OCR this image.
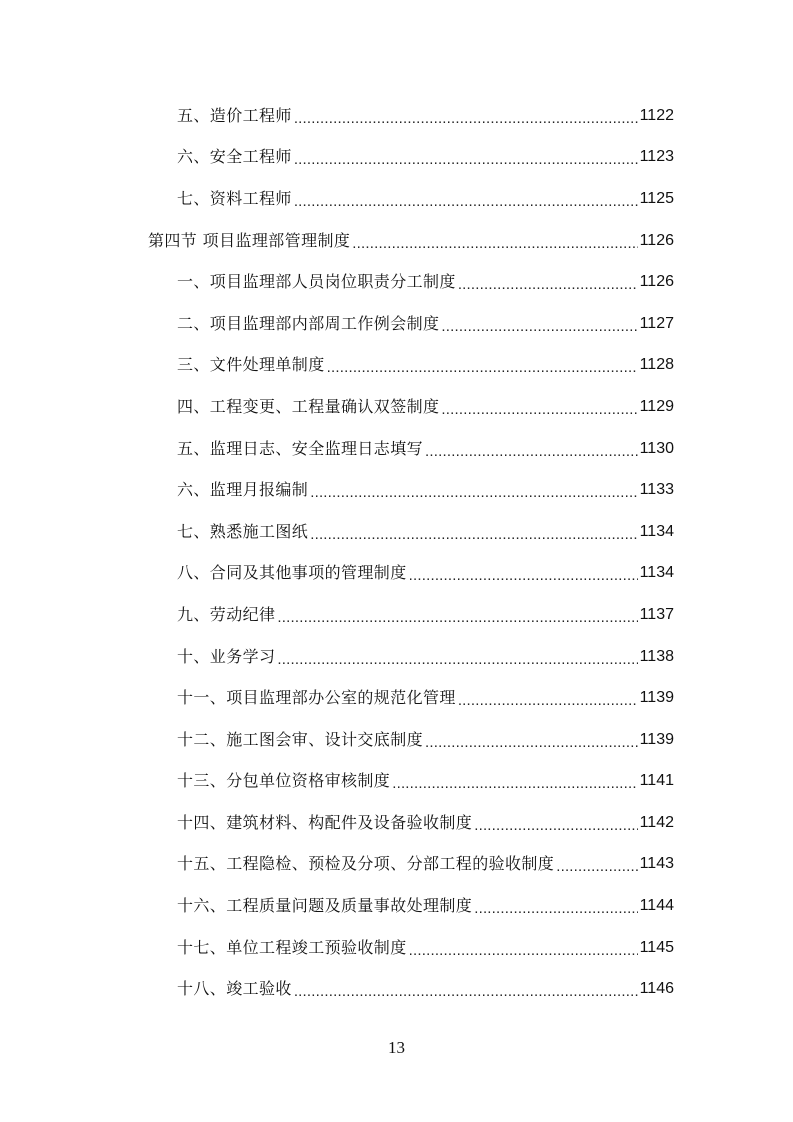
五、造价工程师 .....	1122
六、安全工程师 .....	1123
七、资料工程师 .....	1125
第四节 项目监理部管理制度 .....	1126
一、项目监理部人员岗位职责分工制度 .....	1126
二、项目监理部内部周工作例会制度 .....	1127
三、文件处理单制度 .....	1128
四、工程变更、工程量确认双签制度 .....	1129
五、监理日志、安全监理日志填写 .....	1130
六、监理月报编制 .....	1133
七、熟悉施工图纸 .....	1134
八、合同及其他事项的管理制度 .....	1134
九、劳动纪律 .....	1137
十、业务学习 .....	1138
十一、项目监理部办公室的规范化管理 .....	1139
十二、施工图会审、设计交底制度 .....	1139
十三、分包单位资格审核制度 .....	1141
十四、建筑材料、构配件及设备验收制度 .....	1142
十五、工程隐检、预检及分项、分部工程的验收制度 .....	1143
十六、工程质量问题及质量事故处理制度 .....	1144
十七、单位工程竣工预验收制度 .....	1145
十八、竣工验收 .....	1146
13
